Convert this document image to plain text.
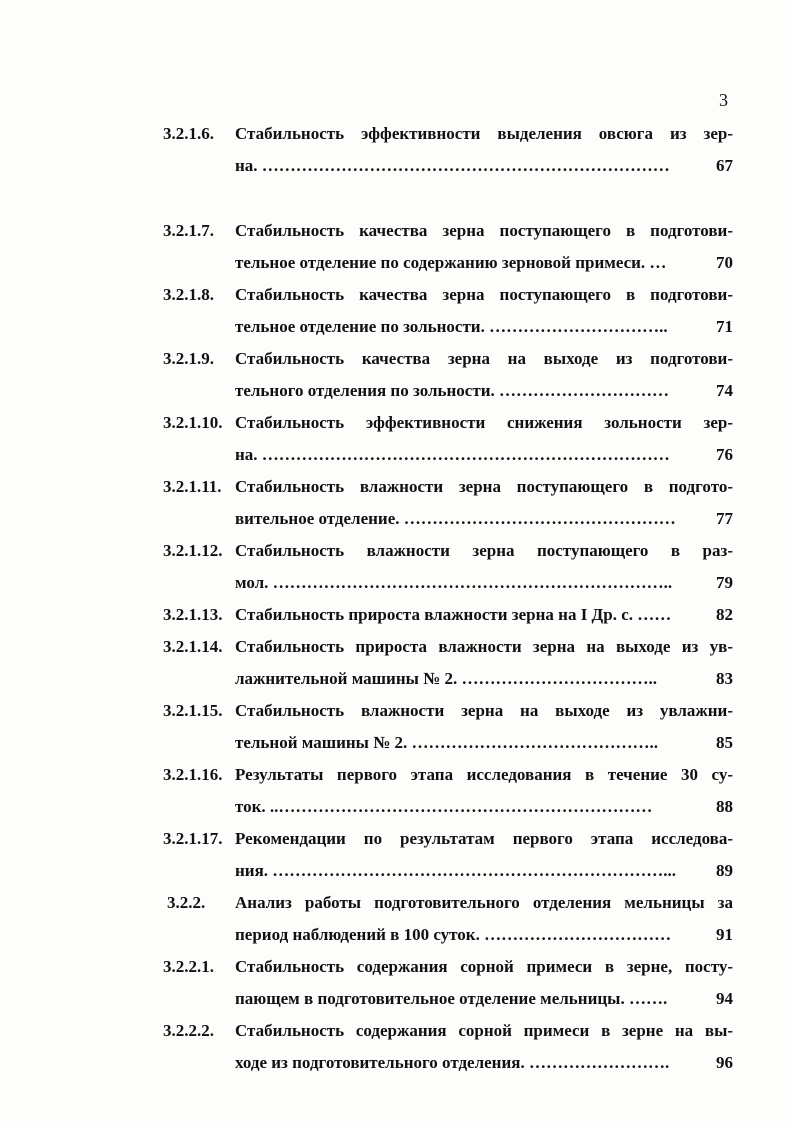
3
3.2.1.6.	Стабильность эффективности выделения овсюга из зер-
на. ………………………………………………………………	67
3.2.1.7.	Стабильность качества зерна поступающего в подготови-
тельное отделение по содержанию зерновой примеси. …	70
3.2.1.8.	Стабильность качества зерна поступающего в подготови-
тельное отделение по зольности. …………………………..	71
3.2.1.9.	Стабильность качества зерна на выходе из подготови-
тельного отделения по зольности. …………………………	74
3.2.1.10. Стабильность эффективности снижения зольности зер-
на. ………………………………………………………………	76
3.2.1.11. Стабильность влажности зерна поступающего в подгото-
вительное отделение. ………………………………………… 77
3.2.1.12. Стабильность влажности зерна поступающего в раз-
мол. ……………………………………………………………..	79
3.2.1.13. Стабильность прироста влажности зерна на I Др. с. ……	82
3.2.1.14. Стабильность прироста влажности зерна на выходе из ув-
лажнительной машины № 2. ……………………………..	83
3.2.1.15. Стабильность влажности зерна на выходе из увлажни-
тельной машины № 2. ……………………………………..	85
3.2.1.16. Результаты первого этапа исследования в течение 30 су-
ток. ..…………………………………………………………	88
3.2.1.17. Рекомендации по результатам первого этапа исследова-
ния. ……………………………………………………………... 89
3.2.2.	Анализ работы подготовительного отделения мельницы за
период наблюдений в 100 суток. ……………………………	91
3.2.2.1.	Стабильность содержания сорной примеси в зерне, посту-
пающем в подготовительное отделение мельницы. …….	94
3.2.2.2.	Стабильность содержания сорной примеси в зерне на вы-
ходе из подготовительного отделения. …………………….	96
